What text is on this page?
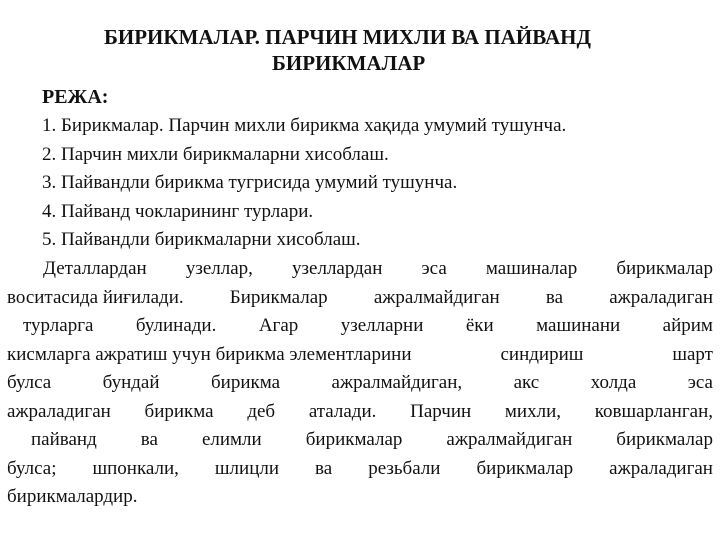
БИРИКМАЛАР. ПАРЧИН МИХЛИ ВА ПАЙВАНД
БИРИКМАЛАР
РЕЖА:
1. Бирикмалар. Парчин михли бирикма хақида умумий тушунча.
2. Парчин михли бирикмаларни хисоблаш.
3. Пайвандли бирикма тугрисида умумий тушунча.
4. Пайванд чокларининг турлари.
5. Пайвандли бирикмаларни хисоблаш.
Деталлардан узеллар, узеллардан эса машиналар бирикмалар
воситасида йиғилади. Бирикмалар ажралмайдиган ва ажраладиган
турларга булинади. Агар узелларни ёки машинани айрим
кисмларга ажратиш учун бирикма элементларини	синдириш	шарт
булса	бундай	бирикма	ажралмайдиган,	акс	холда	эса
ажраладиган бирикма деб аталади. Парчин михли, ковшарланган,
пайванд ва елимли бирикмалар ажралмайдиган бирикмалар
булса; шпонкали, шлицли ва резьбали бирикмалар ажраладиган
бирикмалардир.
